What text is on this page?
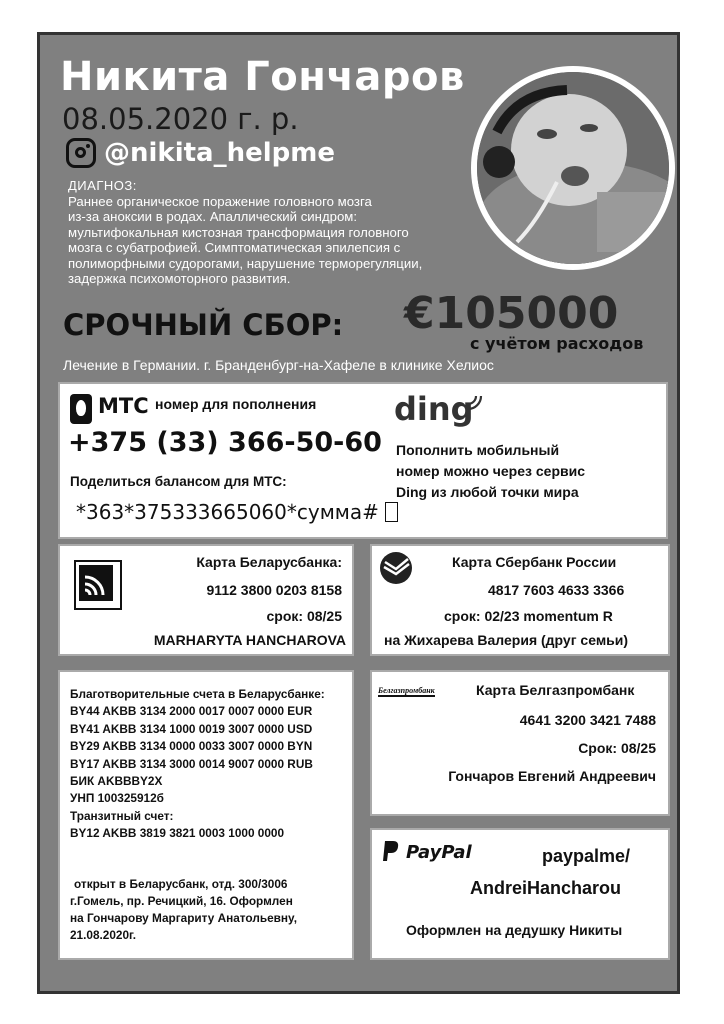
Никита Гончаров
08.05.2020 г. р.
@nikita_helpme
ДИАГНОЗ:
Раннее органическое поражение головного мозга
из-за аноксии в родах. Апаллический синдром:
мультифокальная кистозная трансформация головного
мозга с субатрофией. Симптоматическая эпилепсия с
полиморфными судорогами, нарушение терморегуляции,
задержка психомоторного развития.
СРОЧНЫЙ СБОР: €105000
с учётом расходов
Лечение в Германии. г. Бранденбург-на-Хафеле в клинике Хелиос
МТС номер для пополнения
+375 (33) 366-50-60
Поделиться балансом для МТС:
*363*375333665060*сумма#
ding
Пополнить мобильный
номер можно через сервис
Ding из любой точки мира
Карта Беларусбанка:
9112 3800 0203 8158
срок: 08/25
MARHARYTA HANCHAROVA
Карта Сбербанк России
4817 7603 4633 3366
срок: 02/23 momentum R
на Жихарева Валерия (друг семьи)
Благотворительные счета в Беларусбанке:
BY44 AKBB 3134 2000 0017 0007 0000 EUR
BY41 AKBB 3134 1000 0019 3007 0000 USD
BY29 AKBB 3134 0000 0033 3007 0000 BYN
BY17 AKBB 3134 3000 0014 9007 0000 RUB
БИК AKBBBY2X
УНП 100325912б
Транзитный счет:
BY12 AKBB 3819 3821 0003 1000 0000
открыт в Беларусбанк, отд. 300/3006
г.Гомель, пр. Речицкий, 16. Оформлен
на Гончарову Маргариту Анатольевну,
21.08.2020г.
Белгазпромбанк	Карта Белгазпромбанк
4641 3200 3421 7488
Срок: 08/25
Гончаров Евгений Андреевич
PayPal	paypalme/
AndreiHancharou
Оформлен на дедушку Никиты
